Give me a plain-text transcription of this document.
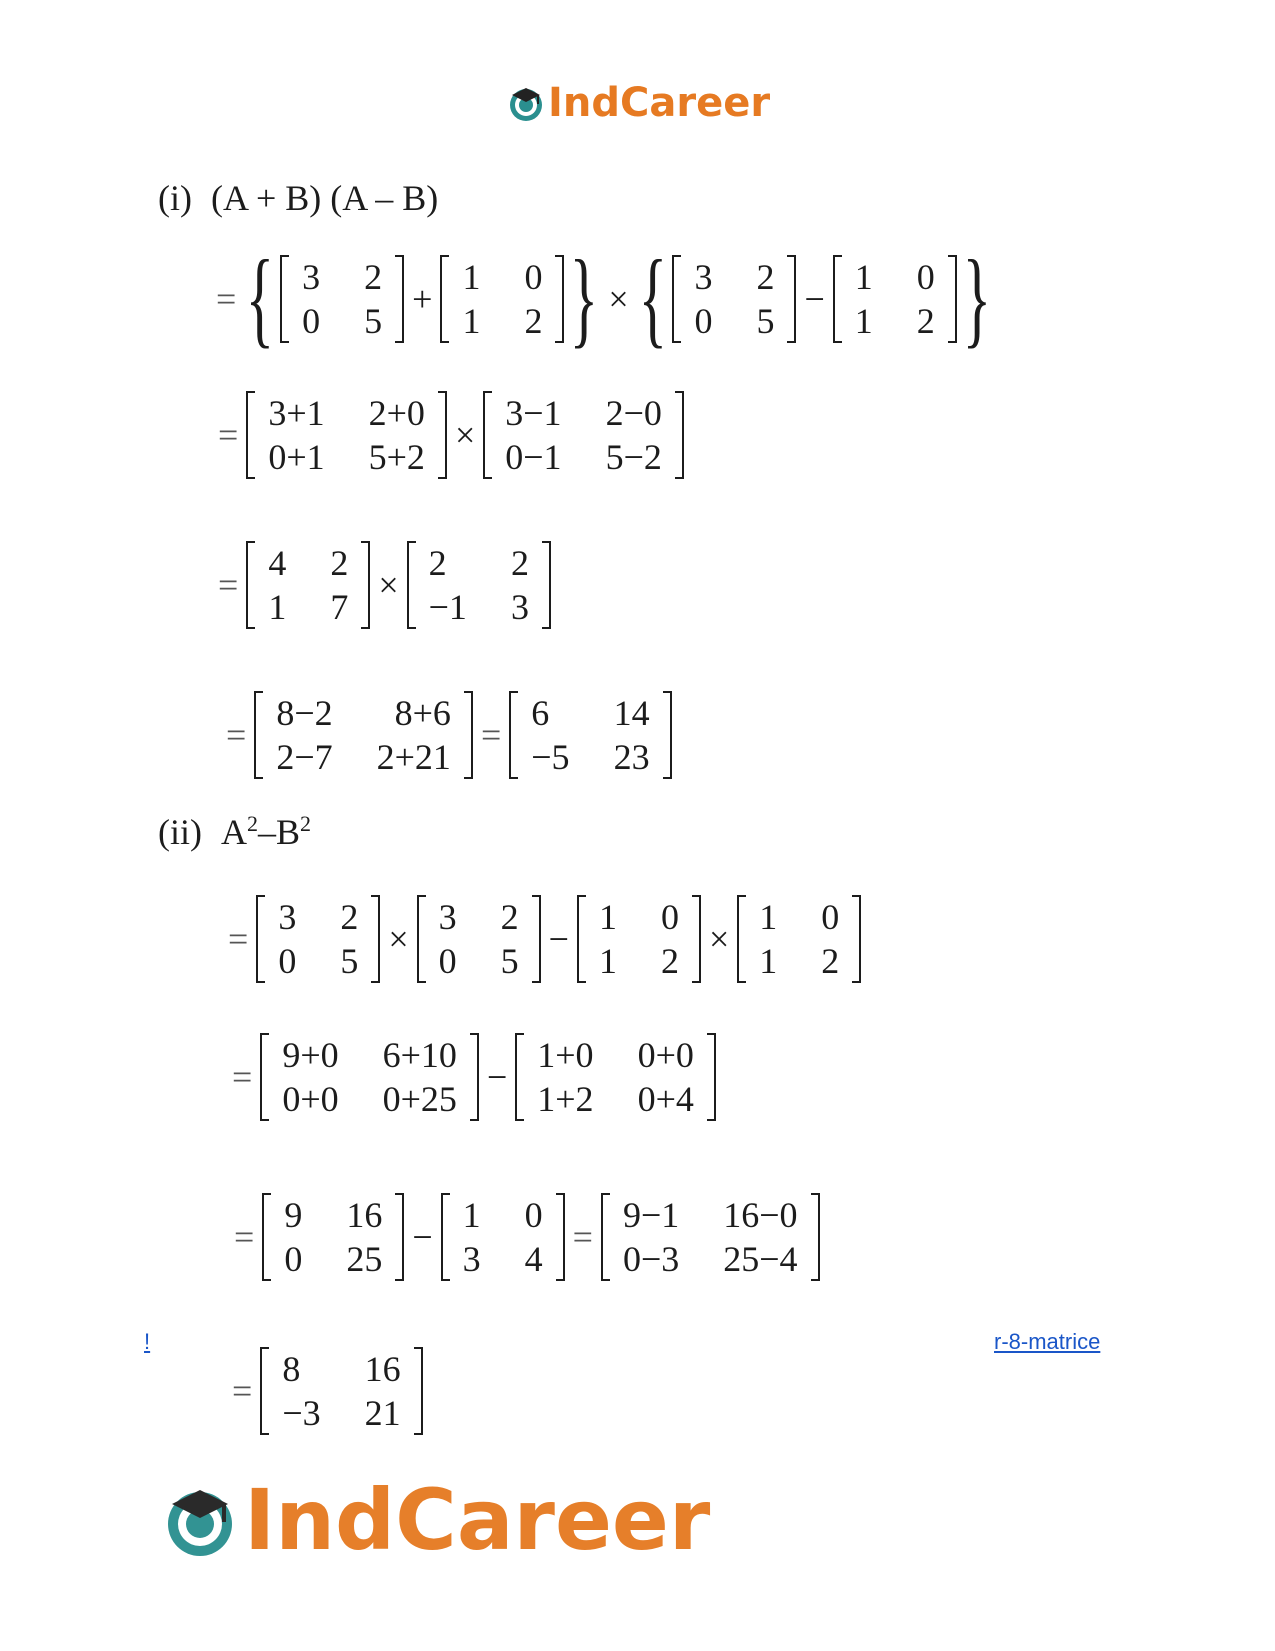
IndCareer
(i) (A + B) (A – B)
= { 3	2
0	5
+
1	0
1	2 } × { 3	2
0	5
−
1	0
1	2 }
=
3+1	2+0
0+1	5+2
×
3−1	2−0
0−1	5−2
=
4	2
1	7
×
2	2
−1	3
=
8−2	8+6
2−7	2+21
=
6	14
−5	23
(ii) $A^2-B^2$
=
3	2
0	5
×
3	2
0	5
−
1	0
1	2
×
1	0
1	2
=
9+0	6+10
0+0	0+25
−
1+0	0+0
1+2	0+4
=
9	16
0	25
−
1	0
3	4
=
9−1	16−0
0−3	25−4
=
8	16
−3	21
!	r-8-matrice
IndCareer
